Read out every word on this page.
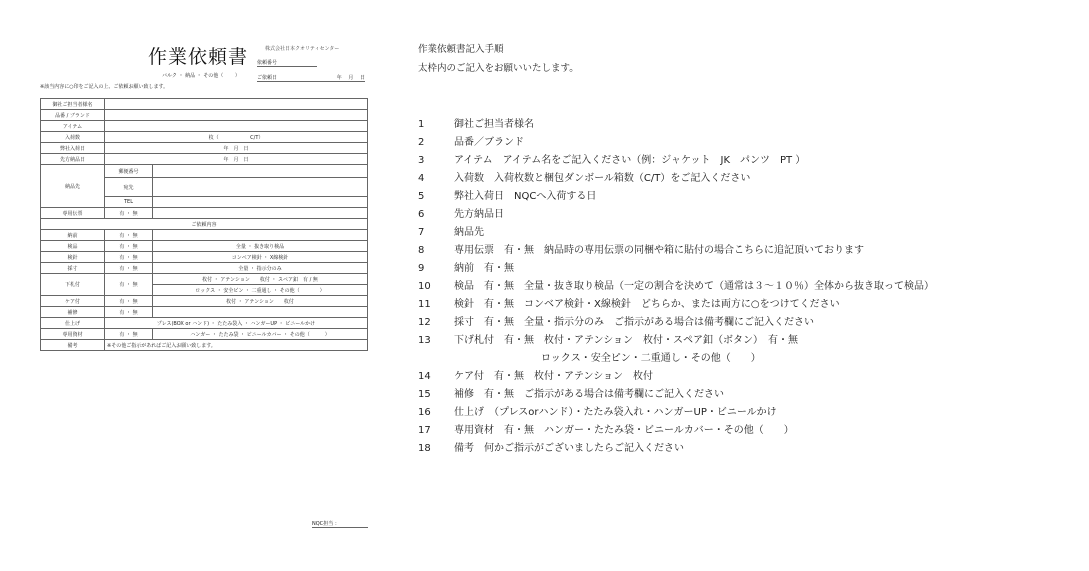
作業依頼書	株式会社日本クオリティセンター
依頼番号
バルク ・ 納品 ・ その他（ 　　）	ご依頼日	年　 月　 日
※該当内容に○印をご記入の上、ご依頼お願い致します。
御社ご担当者様名		
品番 / ブランド		
アイテム		
入荷数	枚（ 　　　　　　C/T）	
弊社入荷日	年　月　日	
先方納品日	年　月　日	
納品先	郵便番号	
	宛先	
	TEL	
専用伝票	有 ・ 無	
ご依頼内容		
納前	有 ・ 無	
検品	有 ・ 無	全量 ・ 抜き取り検品
検針	有 ・ 無	コンベア検針 ・ X線検針
採寸	有 ・ 無	全量 ・ 指示分のみ
下札付	有 ・ 無	枚付 ・ アテンション　　枚付 ・ スペア釦　有 / 無
		ロックス ・ 安全ピン ・ 二重通し ・ その他（　　　　）
ケア付	有 ・ 無	枚付 ・ アテンション　　枚付
補修	有 ・ 無	
仕上げ	プレス(BOX or ハンド) ・ たたみ袋入 ・ ハンガーUP ・ ビニールかけ	
専用資材	有 ・ 無	ハンガー ・ たたみ袋 ・ ビニールカバー ・ その他（　　　）
備考	※その他ご指示があればご記入お願い致します。	
NQC担当 ：
作業依頼書記入手順
太枠内のご記入をお願いいたします。
1	御社ご担当者様名
2	品番／ブランド
3	アイテム　アイテム名をご記入ください（例：ジャケット　JK　パンツ　PT ）
4	入荷数　入荷枚数と梱包ダンボール箱数（C/T）をご記入ください
5	弊社入荷日　NQCへ入荷する日
6	先方納品日
7	納品先
8	専用伝票　有・無　納品時の専用伝票の同梱や箱に貼付の場合こちらに追記頂いております
9	納前　有・無
10	検品　有・無　全量・抜き取り検品（一定の割合を決めて（通常は３～１０％）全体から抜き取って検品）
11	検針　有・無　コンベア検針・X線検針　どちらか、または両方に○をつけてください
12	採寸　有・無　全量・指示分のみ　ご指示がある場合は備考欄にご記入ください
13	下げ札付　有・無　枚付・アテンション　枚付・スペア釦（ボタン）　有・無
ロックス・安全ピン・二重通し・その他（　　）
14	ケア付　有・無　枚付・アテンション　枚付
15	補修　有・無　ご指示がある場合は備考欄にご記入ください
16	仕上げ　（プレスorハンド）・たたみ袋入れ・ハンガーUP・ビニールかけ
17	専用資材　有・無　ハンガー・たたみ袋・ビニールカバー・その他（　　）
18	備考　何かご指示がございましたらご記入ください
